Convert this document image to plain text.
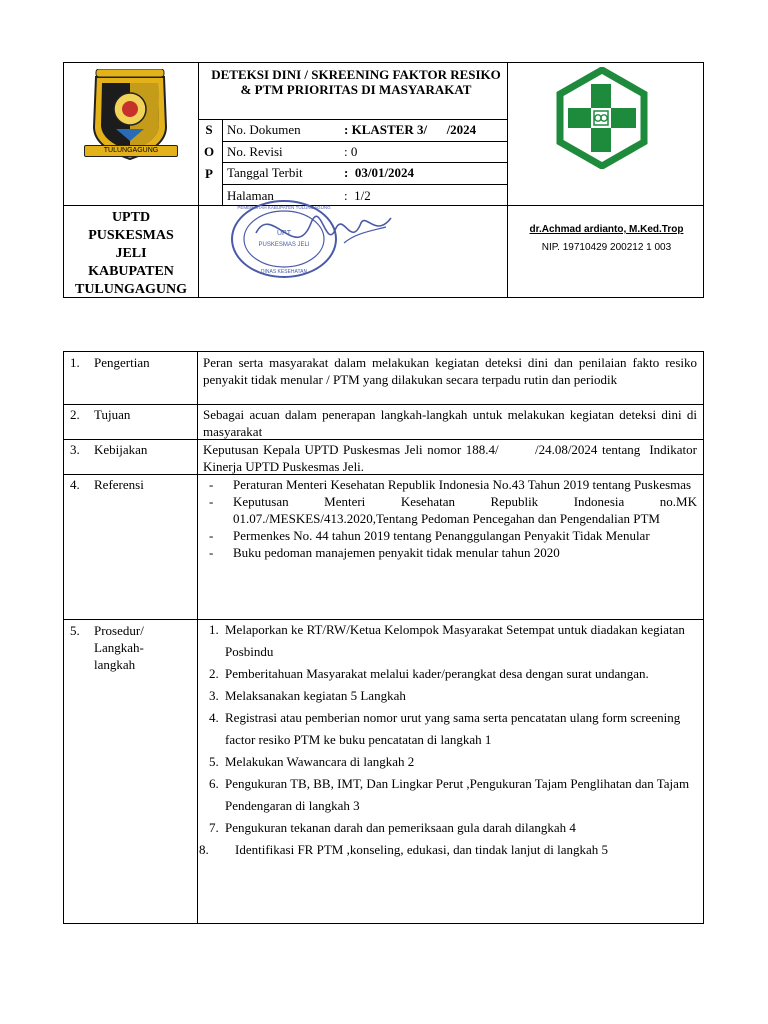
TULUNGAGUNG
DETEKSI DINI / SKREENING FAKTOR RESIKO & PTM PRIORITAS DI MASYARAKAT
S
O
P
No. Dokumen	: KLASTER 3/      /2024
No. Revisi	: 0
Tanggal Terbit	:  03/01/2024
Halaman	:  1/2
UPTD
PUSKESMAS
JELI
KABUPATEN
TULUNGAGUNG
UPT
PUSKESMAS JELI
PEMERINTAH KABUPATEN TULUNGAGUNG
DINAS KESEHATAN
dr.Achmad ardianto, M.Ked.Trop
NIP. 19710429 200212 1 003
1. Pengertian	Peran serta masyarakat dalam melakukan kegiatan deteksi dini dan penilaian fakto resiko penyakit tidak menular / PTM yang dilakukan secara terpadu rutin dan periodik
2. Tujuan	Sebagai acuan dalam penerapan langkah-langkah untuk melakukan kegiatan deteksi dini di masyarakat
3. Kebijakan	Keputusan Kepala UPTD Puskesmas Jeli nomor 188.4/        /24.08/2024 tentang  Indikator Kinerja UPTD Puskesmas Jeli.
4. Referensi	- Peraturan Menteri Kesehatan Republik Indonesia No.43 Tahun 2019 tentang Puskesmas
- Keputusan Menteri Kesehatan Republik Indonesia no.MK 01.07./MESKES/413.2020,Tentang Pedoman Pencegahan dan Pengendalian PTM
- Permenkes No. 44 tahun 2019 tentang Penanggulangan Penyakit Tidak Menular
- Buku pedoman manajemen penyakit tidak menular tahun 2020
5. Prosedur/
Langkah-
langkah
1. Melaporkan ke RT/RW/Ketua Kelompok Masyarakat Setempat untuk diadakan kegiatan Posbindu
2. Pemberitahuan Masyarakat melalui kader/perangkat desa dengan surat undangan.
3. Melaksanakan kegiatan 5 Langkah
4. Registrasi atau pemberian nomor urut yang sama serta pencatatan ulang form screening factor resiko PTM ke buku pencatatan di langkah 1
5. Melakukan Wawancara di langkah 2
6. Pengukuran TB, BB, IMT, Dan Lingkar Perut ,Pengukuran Tajam Penglihatan dan Tajam Pendengaran di langkah 3
7. Pengukuran tekanan darah dan pemeriksaan gula darah dilangkah 4
8. Identifikasi FR PTM ,konseling, edukasi, dan tindak lanjut di langkah 5
